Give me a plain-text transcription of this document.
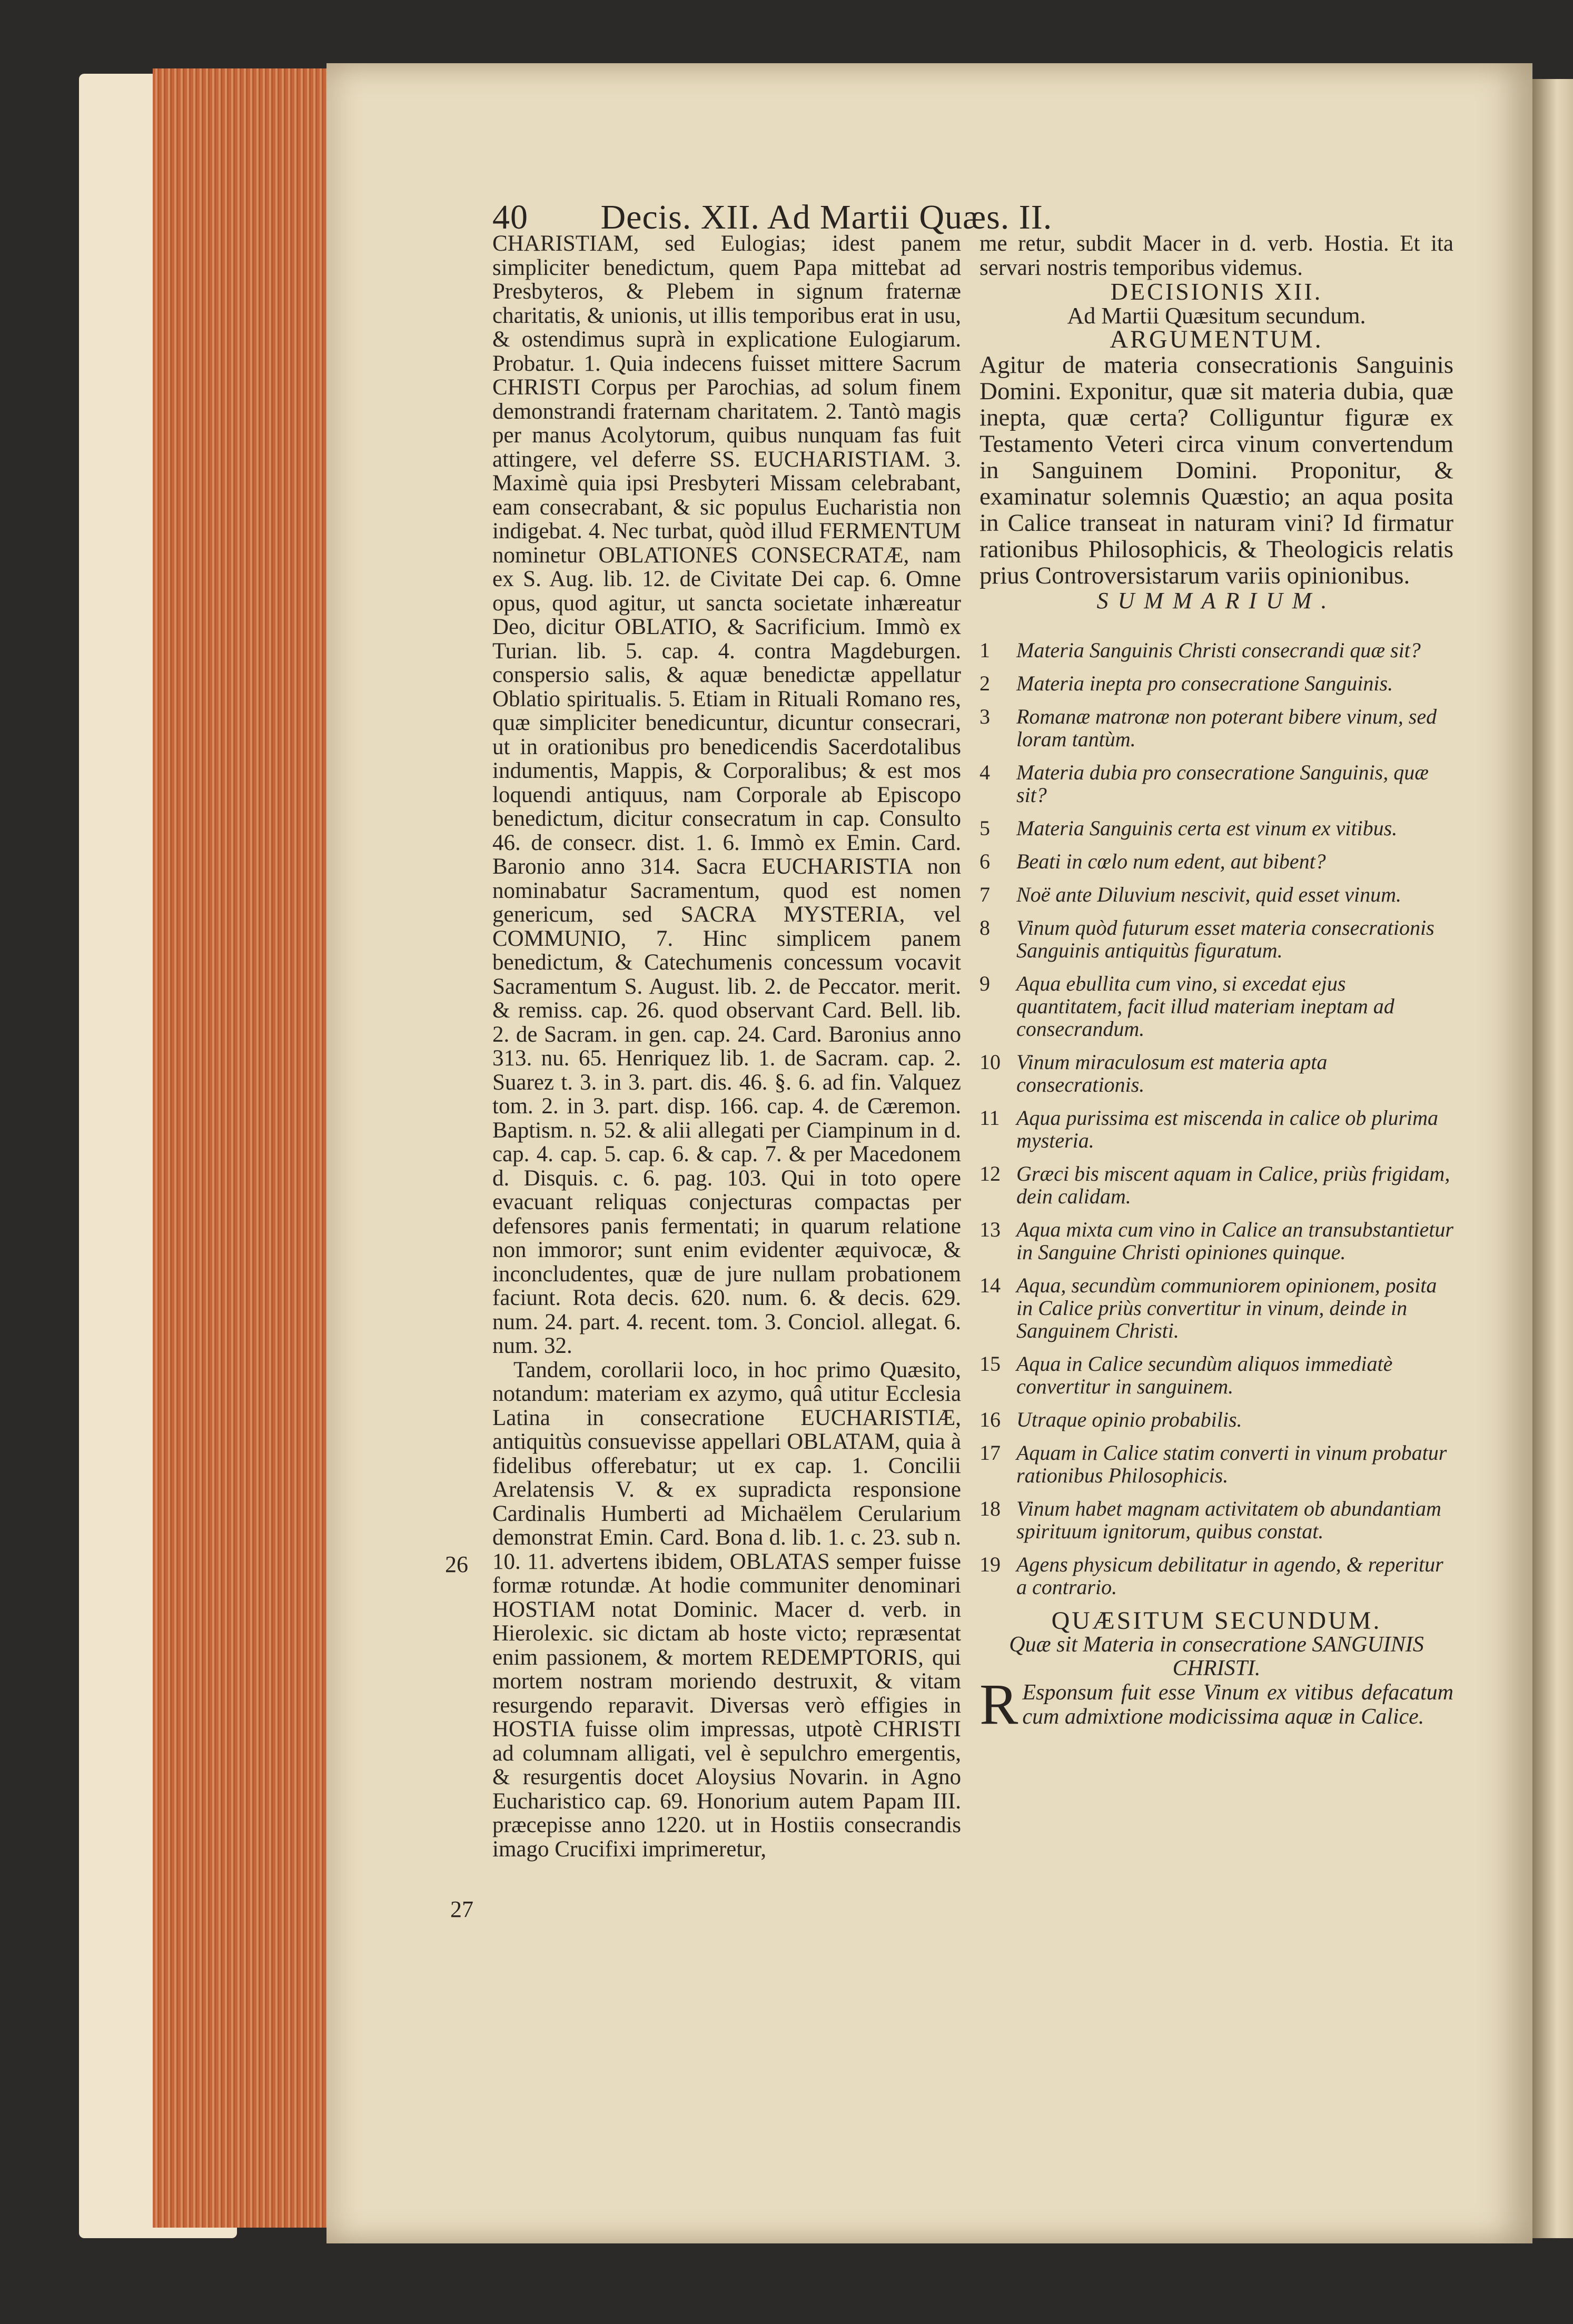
40 Decis. XII. Ad Martii Quæs. II.

CHARISTIAM, sed Eulogias; idest panem simpliciter benedictum, quem Papa mittebat ad Presbyteros, & Plebem in signum fraternæ charitatis, & unionis, ut illis temporibus erat in usu, & ostendimus suprà in explicatione Eulogiarum. Probatur. 1. Quia indecens fuisset mittere Sacrum CHRISTI Corpus per Parochias, ad solum finem demonstrandi fraternam charitatem. 2. Tantò magis per manus Acolytorum, quibus nunquam fas fuit attingere, vel deferre SS. EUCHARISTIAM. 3. Maximè quia ipsi Presbyteri Missam celebrabant, eam consecrabant, & sic populus Eucharistia non indigebat. 4. Nec turbat, quòd illud FERMENTUM nominetur OBLATIONES CONSECRATÆ, nam ex S. Aug. lib. 12. de Civitate Dei cap. 6. Omne opus, quod agitur, ut sancta societate inhæreatur Deo, dicitur OBLATIO, & Sacrificium. Immò ex Turian. lib. 5. cap. 4. contra Magdeburgen. conspersio salis, & aquæ benedictæ appellatur Oblatio spiritualis. 5. Etiam in Rituali Romano res, quæ simpliciter benedicuntur, dicuntur consecrari, ut in orationibus pro benedicendis Sacerdotalibus indumentis, Mappis, & Corporalibus; & est mos loquendi antiquus, nam Corporale ab Episcopo benedictum, dicitur consecratum in cap. Consulto 46. de consecr. dist. 1. 6. Immò ex Emin. Card. Baronio anno 314. Sacra EUCHARISTIA non nominabatur Sacramentum, quod est nomen genericum, sed SACRA MYSTERIA, vel COMMUNIO, 7. Hinc simplicem panem benedictum, & Catechumenis concessum vocavit Sacramentum S. August. lib. 2. de Peccator. merit. & remiss. cap. 26. quod observant Card. Bell. lib. 2. de Sacram. in gen. cap. 24. Card. Baronius anno 313. nu. 65. Henriquez lib. 1. de Sacram. cap. 2. Suarez t. 3. in 3. part. dis. 46. §. 6. ad fin. Valquez tom. 2. in 3. part. disp. 166. cap. 4. de Cæremon. Baptism. n. 52. & alii allegati per Ciampinum in d. cap. 4. cap. 5. cap. 6. & cap. 7. & per Macedonem d. Disquis. c. 6. pag. 103. Qui in toto opere evacuant reliquas conjecturas compactas per defensores panis fermentati; in quarum relatione non immoror; sunt enim evidenter æquivocæ, & inconcludentes, quæ de jure nullam probationem faciunt. Rota decis. 620. num. 6. & decis. 629. num. 24. part. 4. recent. tom. 3. Conciol. allegat. 6. num. 32.

Tandem, corollarii loco, in hoc primo Quæsito, notandum: materiam ex azymo, quâ utitur Ecclesia Latina in consecratione EUCHARISTIÆ, antiquitùs consuevisse appellari OBLATAM, quia à fidelibus offerebatur; ut ex cap. 1. Concilii Arelatensis V. & ex supradicta responsione Cardinalis Humberti ad Michaëlem Cerularium demonstrat Emin. Card. Bona d. lib. 1. c. 23. sub n. 10. 11. advertens ibidem, OBLATAS semper fuisse formæ rotundæ. At hodie communiter denominari HOSTIAM notat Dominic. Macer d. verb. in Hierolexic. sic dictam ab hoste victo; repræsentat enim passionem, & mortem REDEMPTORIS, qui mortem nostram moriendo destruxit, & vitam resurgendo reparavit. Diversas verò effigies in HOSTIA fuisse olim impressas, utpotè CHRISTI ad columnam alligati, vel è sepulchro emergentis, & resurgentis docet Aloysius Novarin. in Agno Eucharistico cap. 69. Honorium autem Papam III. præcepisse anno 1220. ut in Hostiis consecrandis imago Crucifixi imprimeretur,

26
27

me retur, subdit Macer in d. verb. Hostia. Et ita servari nostris temporibus videmus.

DECISIONIS XII.

Ad Martii Quæsitum secundum.

ARGUMENTUM.

Agitur de materia consecrationis Sanguinis Domini. Exponitur, quæ sit materia dubia, quæ inepta, quæ certa? Colliguntur figuræ ex Testamento Veteri circa vinum convertendum in Sanguinem Domini. Proponitur, & examinatur solemnis Quæstio; an aqua posita in Calice transeat in naturam vini? Id firmatur rationibus Philosophicis, & Theologicis relatis prius Controversistarum variis opinionibus.

SUMMARIUM.

1	Materia Sanguinis Christi consecrandi quæ sit?
2	Materia inepta pro consecratione Sanguinis.
3	Romanæ matronæ non poterant bibere vinum, sed loram tantùm.
4	Materia dubia pro consecratione Sanguinis, quæ sit?
5	Materia Sanguinis certa est vinum ex vitibus.
6	Beati in cœlo num edent, aut bibent?
7	Noë ante Diluvium nescivit, quid esset vinum.
8	Vinum quòd futurum esset materia consecrationis Sanguinis antiquitùs figuratum.
9	Aqua ebullita cum vino, si excedat ejus quantitatem, facit illud materiam ineptam ad consecrandum.
10 Vinum miraculosum est materia apta consecrationis.
11 Aqua purissima est miscenda in calice ob plurima mysteria.
12 Græci bis miscent aquam in Calice, priùs frigidam, dein calidam.
13 Aqua mixta cum vino in Calice an transubstantietur in Sanguine Christi opiniones quinque.
14 Aqua, secundùm communiorem opinionem, posita in Calice priùs convertitur in vinum, deinde in Sanguinem Christi.
15 Aqua in Calice secundùm aliquos immediatè convertitur in sanguinem.
16 Utraque opinio probabilis.
17 Aquam in Calice statim converti in vinum probatur rationibus Philosophicis.
18 Vinum habet magnam activitatem ob abundantiam spirituum ignitorum, quibus constat.
19 Agens physicum debilitatur in agendo, & reperitur a contrario.

QUÆSITUM SECUNDUM.

Quæ sit Materia in consecratione SANGUINIS CHRISTI.

R Esponsum fuit esse Vinum ex vitibus defacatum cum admixtione modicissima aquæ in Calice.
